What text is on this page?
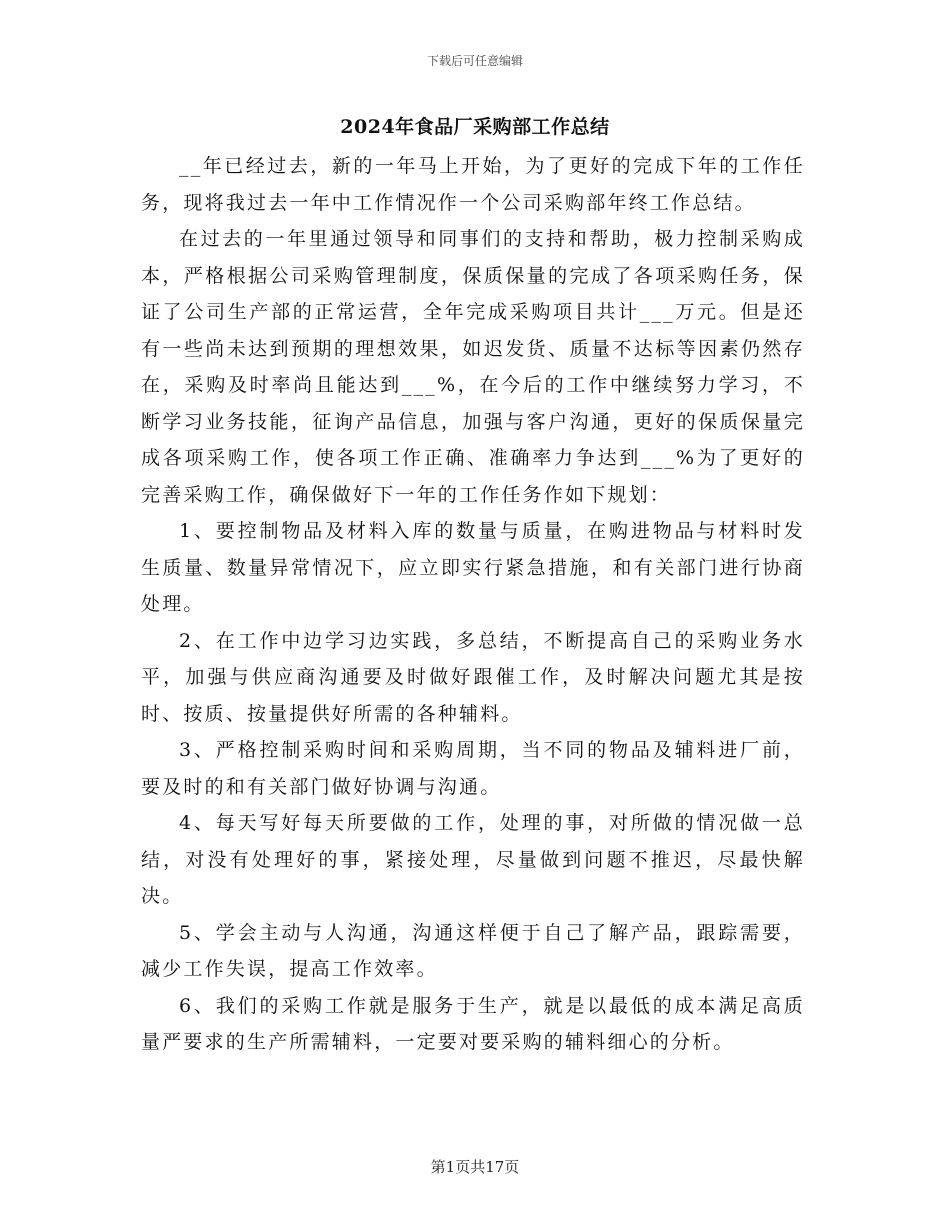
下载后可任意编辑
2024年食品厂采购部工作总结

__年已经过去，新的一年马上开始，为了更好的完成下年的工作任务，现将我过去一年中工作情况作一个公司采购部年终工作总结。

在过去的一年里通过领导和同事们的支持和帮助，极力控制采购成本，严格根据公司采购管理制度，保质保量的完成了各项采购任务，保证了公司生产部的正常运营，全年完成采购项目共计___万元。但是还有一些尚未达到预期的理想效果，如迟发货、质量不达标等因素仍然存在，采购及时率尚且能达到___%，在今后的工作中继续努力学习，不断学习业务技能，征询产品信息，加强与客户沟通，更好的保质保量完成各项采购工作，使各项工作正确、准确率力争达到___%为了更好的完善采购工作，确保做好下一年的工作任务作如下规划：

1、要控制物品及材料入库的数量与质量，在购进物品与材料时发生质量、数量异常情况下，应立即实行紧急措施，和有关部门进行协商处理。

2、在工作中边学习边实践，多总结，不断提高自己的采购业务水平，加强与供应商沟通要及时做好跟催工作，及时解决问题尤其是按时、按质、按量提供好所需的各种辅料。

3、严格控制采购时间和采购周期，当不同的物品及辅料进厂前，要及时的和有关部门做好协调与沟通。

4、每天写好每天所要做的工作，处理的事，对所做的情况做一总结，对没有处理好的事，紧接处理，尽量做到问题不推迟，尽最快解决。

5、学会主动与人沟通，沟通这样便于自己了解产品，跟踪需要，减少工作失误，提高工作效率。

6、我们的采购工作就是服务于生产，就是以最低的成本满足高质量严要求的生产所需辅料，一定要对要采购的辅料细心的分析。

第1页共17页
